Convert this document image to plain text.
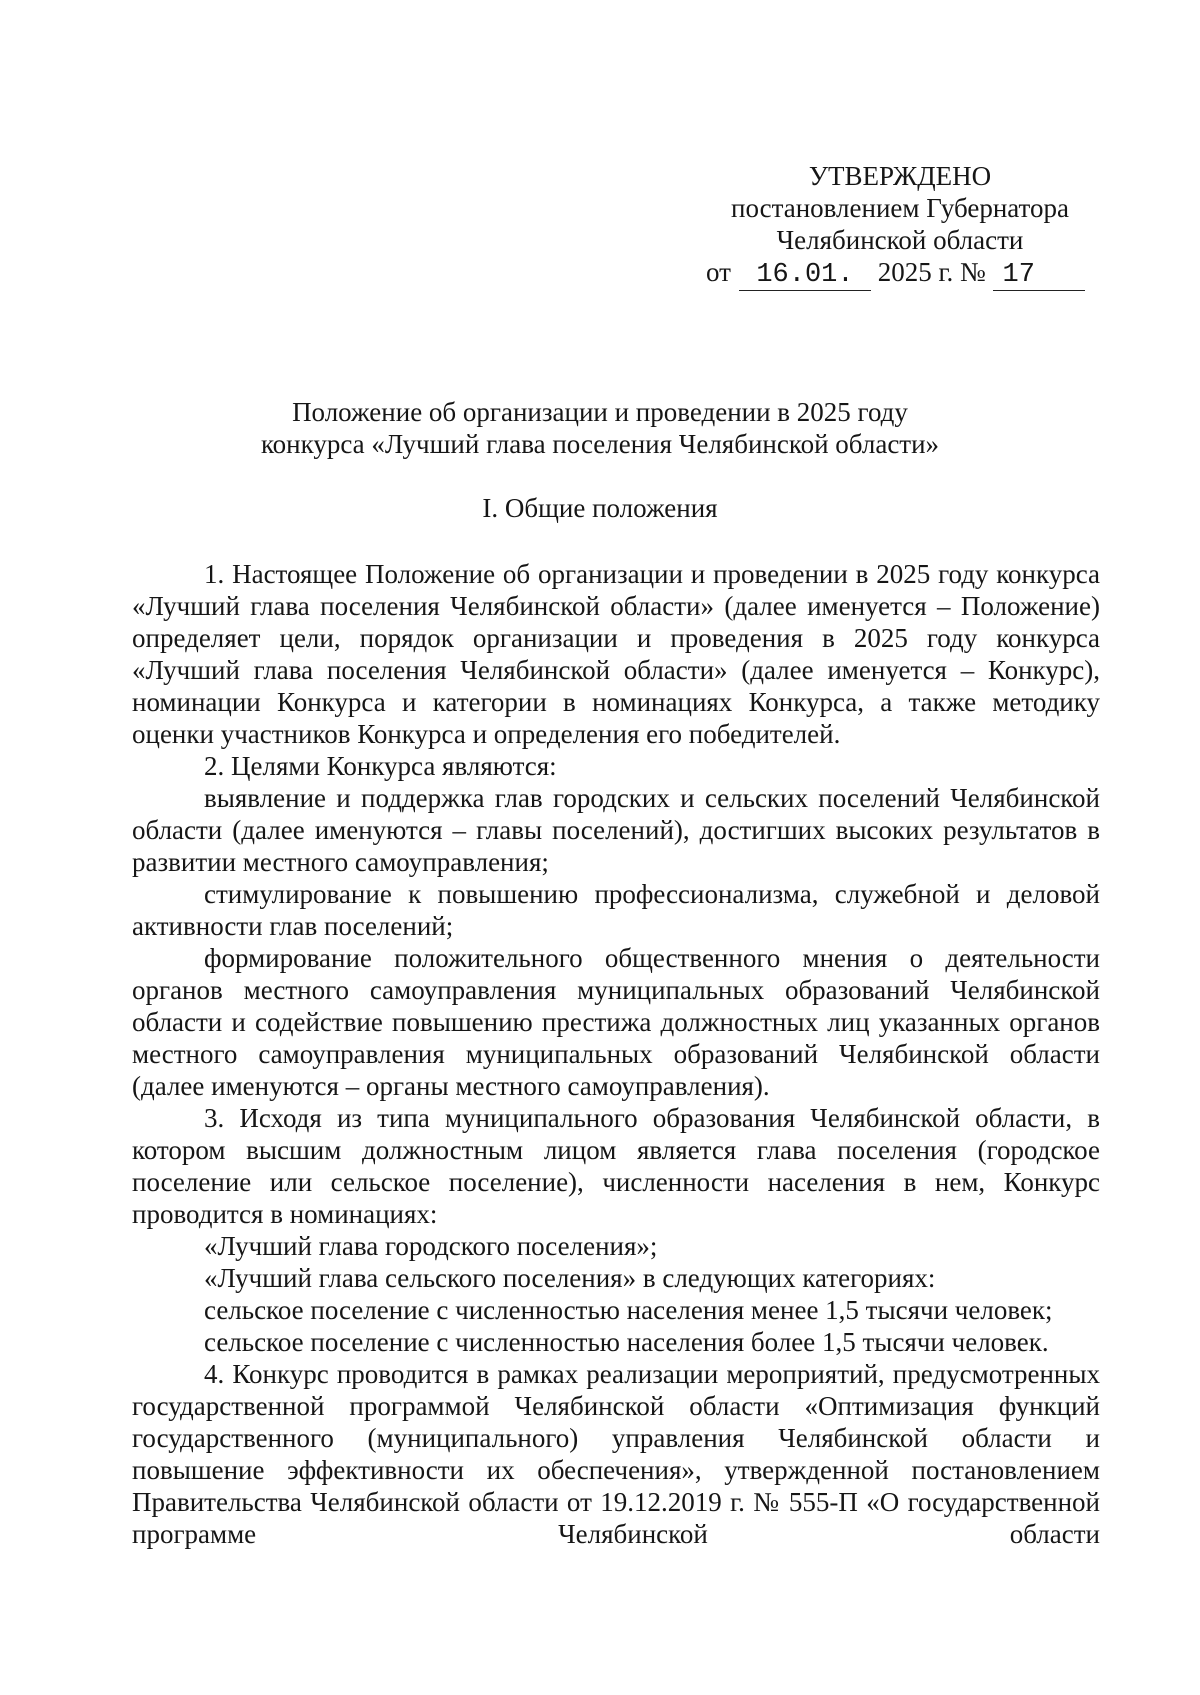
УТВЕРЖДЕНО
постановлением Губернатора
Челябинской области
от 16.01. 2025 г. № 17
Положение об организации и проведении в 2025 году
конкурса «Лучший глава поселения Челябинской области»
I. Общие положения

1. Настоящее Положение об организации и проведении в 2025 году конкурса «Лучший глава поселения Челябинской области» (далее именуется – Положение) определяет цели, порядок организации и проведения в 2025 году конкурса «Лучший глава поселения Челябинской области» (далее именуется – Конкурс), номинации Конкурса и категории в номинациях Конкурса, а также методику оценки участников Конкурса и определения его победителей.

2. Целями Конкурса являются:

выявление и поддержка глав городских и сельских поселений Челябинской области (далее именуются – главы поселений), достигших высоких результатов в развитии местного самоуправления;

стимулирование к повышению профессионализма, служебной и деловой активности глав поселений;

формирование положительного общественного мнения о деятельности органов местного самоуправления муниципальных образований Челябинской области и содействие повышению престижа должностных лиц указанных органов местного самоуправления муниципальных образований Челябинской области (далее именуются – органы местного самоуправления).

3. Исходя из типа муниципального образования Челябинской области, в котором высшим должностным лицом является глава поселения (городское поселение или сельское поселение), численности населения в нем, Конкурс проводится в номинациях:

«Лучший глава городского поселения»;

«Лучший глава сельского поселения» в следующих категориях:

сельское поселение с численностью населения менее 1,5 тысячи человек;

сельское поселение с численностью населения более 1,5 тысячи человек.

4. Конкурс проводится в рамках реализации мероприятий, предусмотренных государственной программой Челябинской области «Оптимизация функций государственного (муниципального) управления Челябинской области и повышение эффективности их обеспечения», утвержденной постановлением Правительства Челябинской области от 19.12.2019 г. № 555-П «О государственной программе Челябинской области
